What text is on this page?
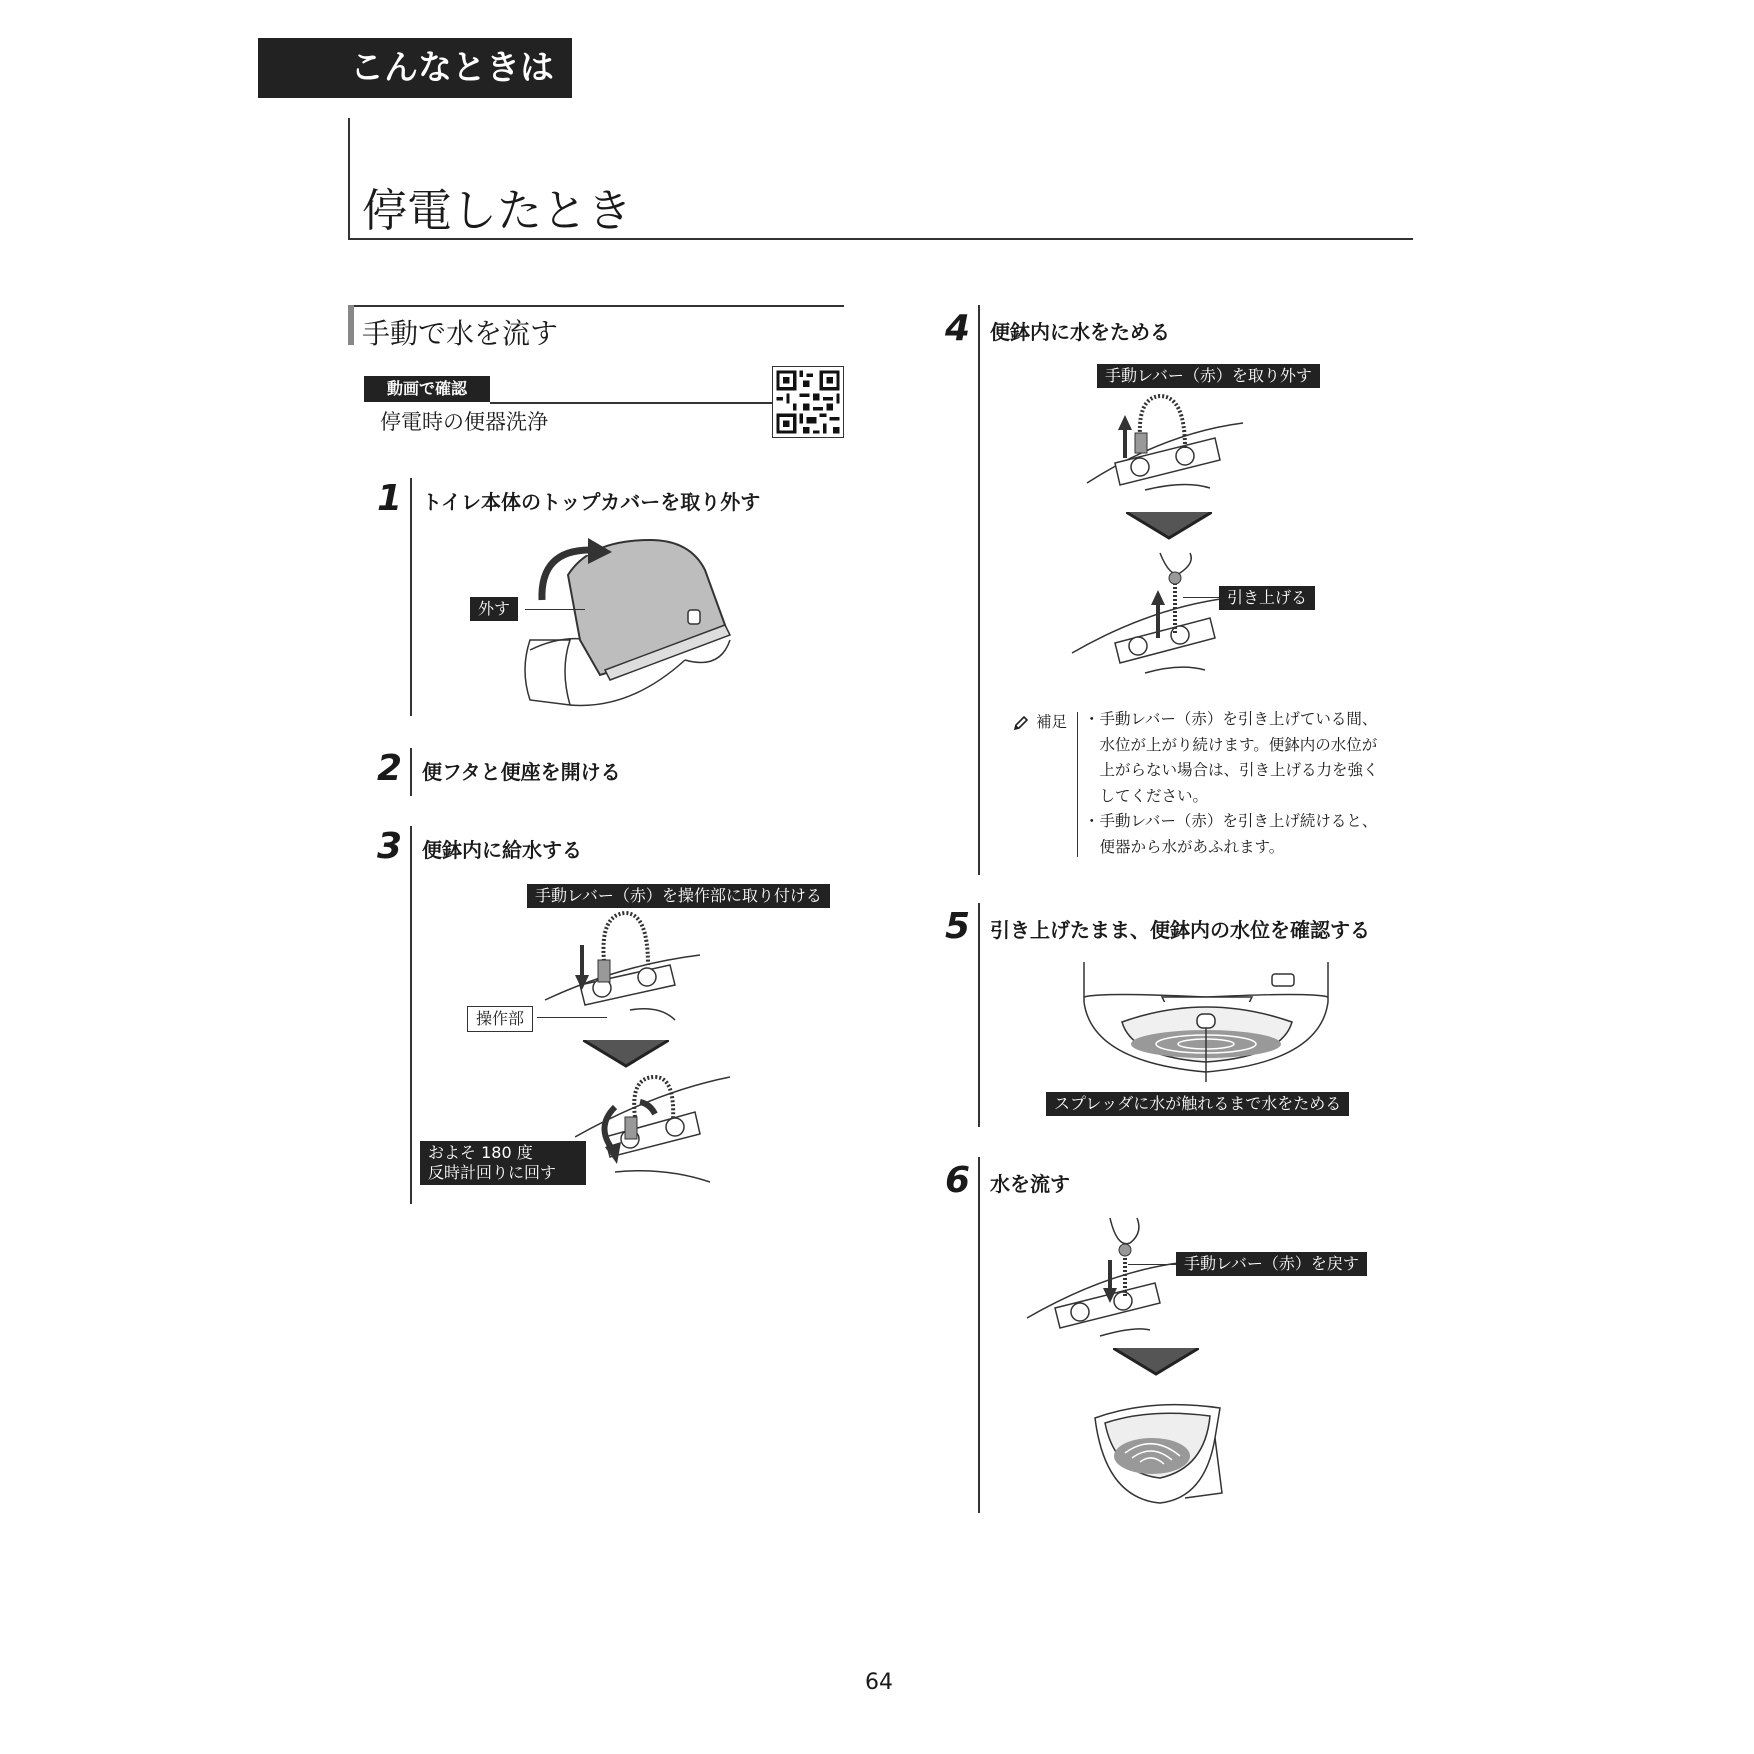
こんなときは
停電したとき
手動で水を流す
動画で確認
停電時の便器洗浄
1 トイレ本体のトップカバーを取り外す
外す
2 便フタと便座を開ける
3 便鉢内に給水する
手動レバー（赤）を操作部に取り付ける
操作部
およそ 180 度
反時計回りに回す
4 便鉢内に水をためる
手動レバー（赤）を取り外す
引き上げる
補足 ・手動レバー（赤）を引き上げている間、
　水位が上がり続けます。便鉢内の水位が
　上がらない場合は、引き上げる力を強く
　してください。
・手動レバー（赤）を引き上げ続けると、
　便器から水があふれます。
5 引き上げたまま、便鉢内の水位を確認する
スプレッダに水が触れるまで水をためる
6 水を流す
手動レバー（赤）を戻す
64
